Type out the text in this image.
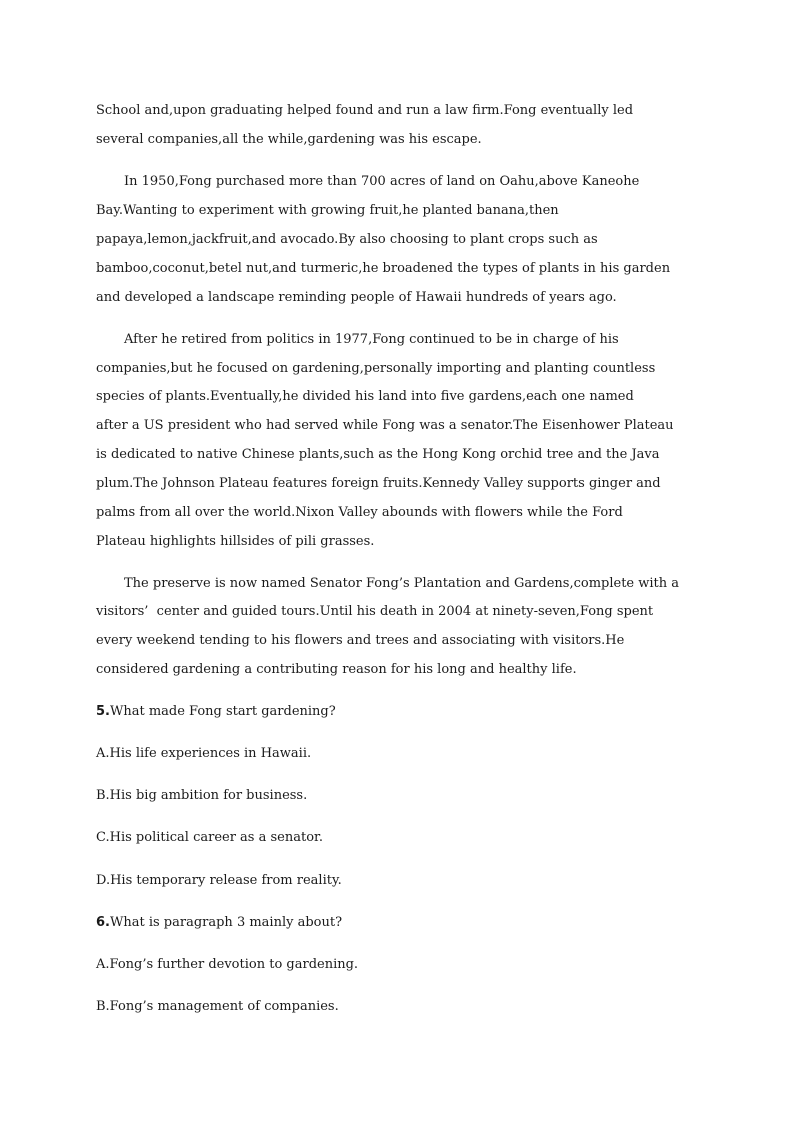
School and,upon graduating helped found and run a law firm.Fong eventually led
several companies,all the while,gardening was his escape.
In 1950,Fong purchased more than 700 acres of land on Oahu,above Kaneohe
Bay.Wanting to experiment with growing fruit,he planted banana,then
papaya,lemon,jackfruit,and avocado.By also choosing to plant crops such as
bamboo,coconut,betel nut,and turmeric,he broadened the types of plants in his garden
and developed a landscape reminding people of Hawaii hundreds of years ago.
After he retired from politics in 1977,Fong continued to be in charge of his
companies,but he focused on gardening,personally importing and planting countless
species of plants.Eventually,he divided his land into five gardens,each one named
after a US president who had served while Fong was a senator.The Eisenhower Plateau
is dedicated to native Chinese plants,such as the Hong Kong orchid tree and the Java
plum.The Johnson Plateau features foreign fruits.Kennedy Valley supports ginger and
palms from all over the world.Nixon Valley abounds with flowers while the Ford
Plateau highlights hillsides of pili grasses.
The preserve is now named Senator Fong’s Plantation and Gardens,complete with a
visitors’  center and guided tours.Until his death in 2004 at ninety-seven,Fong spent
every weekend tending to his flowers and trees and associating with visitors.He
considered gardening a contributing reason for his long and healthy life.
5.What made Fong start gardening?
A.His life experiences in Hawaii.
B.His big ambition for business.
C.His political career as a senator.
D.His temporary release from reality.
6.What is paragraph 3 mainly about?
A.Fong’s further devotion to gardening.
B.Fong’s management of companies.
